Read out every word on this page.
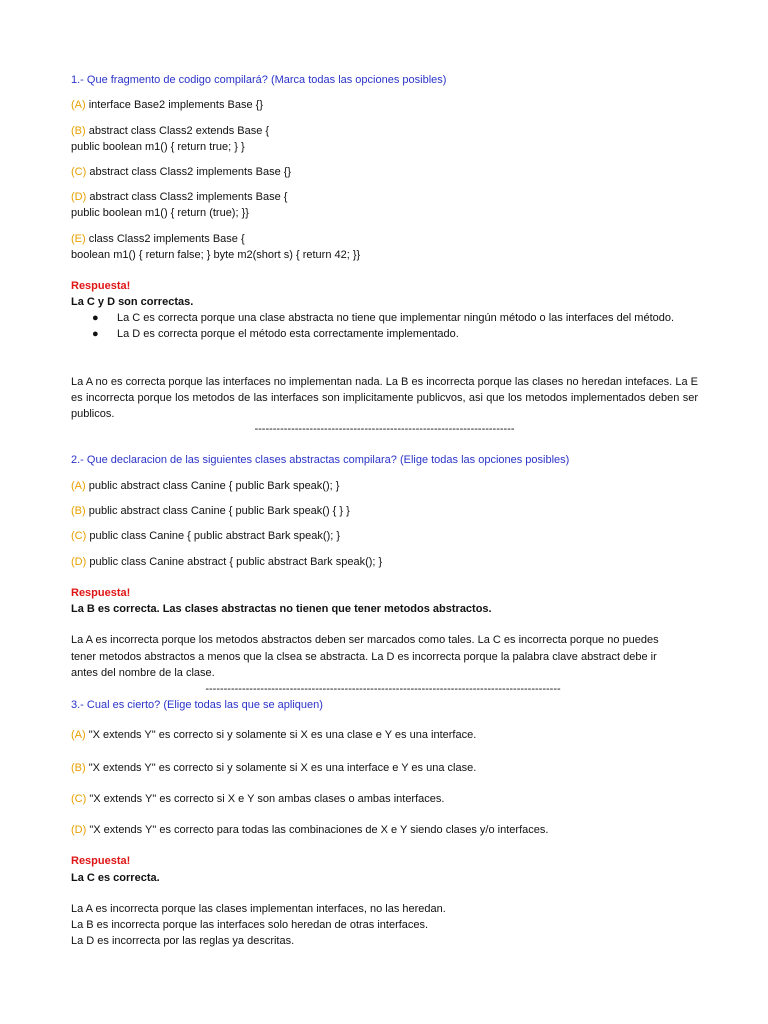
1.- Que fragmento de codigo compilará? (Marca todas las opciones posibles)
(A) interface Base2 implements Base {}
(B) abstract class Class2 extends Base {
public boolean m1() { return true; } }
(C) abstract class Class2 implements Base {}
(D) abstract class Class2 implements Base {
public boolean m1() { return (true); }}
(E) class Class2 implements Base {
boolean m1() { return false; } byte m2(short s) { return 42; }}
Respuesta!
La C y D son correctas.
● La C es correcta porque una clase abstracta no tiene que implementar ningún método o las interfaces del método.
● La D es correcta porque el método esta correctamente implementado.
La A no es correcta porque las interfaces no implementan nada. La B es incorrecta porque las clases no heredan intefaces. La E es incorrecta porque los metodos de las interfaces son implicitamente publicvos, asi que los metodos implementados deben ser publicos.
-----------------------------------------------------------------------
2.- Que declaracion de las siguientes clases abstractas compilara? (Elige todas las opciones posibles)
(A) public abstract class Canine { public Bark speak(); }
(B) public abstract class Canine { public Bark speak() { } }
(C) public class Canine { public abstract Bark speak(); }
(D) public class Canine abstract { public abstract Bark speak(); }
Respuesta!
La B es correcta. Las clases abstractas no tienen que tener metodos abstractos.
La A es incorrecta porque los metodos abstractos deben ser marcados como tales. La C es incorrecta porque no puedes
tener metodos abstractos a menos que la clsea se abstracta. La D es incorrecta porque la palabra clave abstract debe ir
antes del nombre de la clase.
-------------------------------------------------------------------------------------------------
3.- Cual es cierto? (Elige todas las que se apliquen)
(A) "X extends Y" es correcto si y solamente si X es una clase e Y es una interface.
(B) "X extends Y" es correcto si y solamente si X es una interface e Y es una clase.
(C) "X extends Y" es correcto si X e Y son ambas clases o ambas interfaces.
(D) "X extends Y" es correcto para todas las combinaciones de X e Y siendo clases y/o interfaces.
Respuesta!
La C es correcta.
La A es incorrecta porque las clases implementan interfaces, no las heredan.
La B es incorrecta porque las interfaces solo heredan de otras interfaces.
La D es incorrecta por las reglas ya descritas.
